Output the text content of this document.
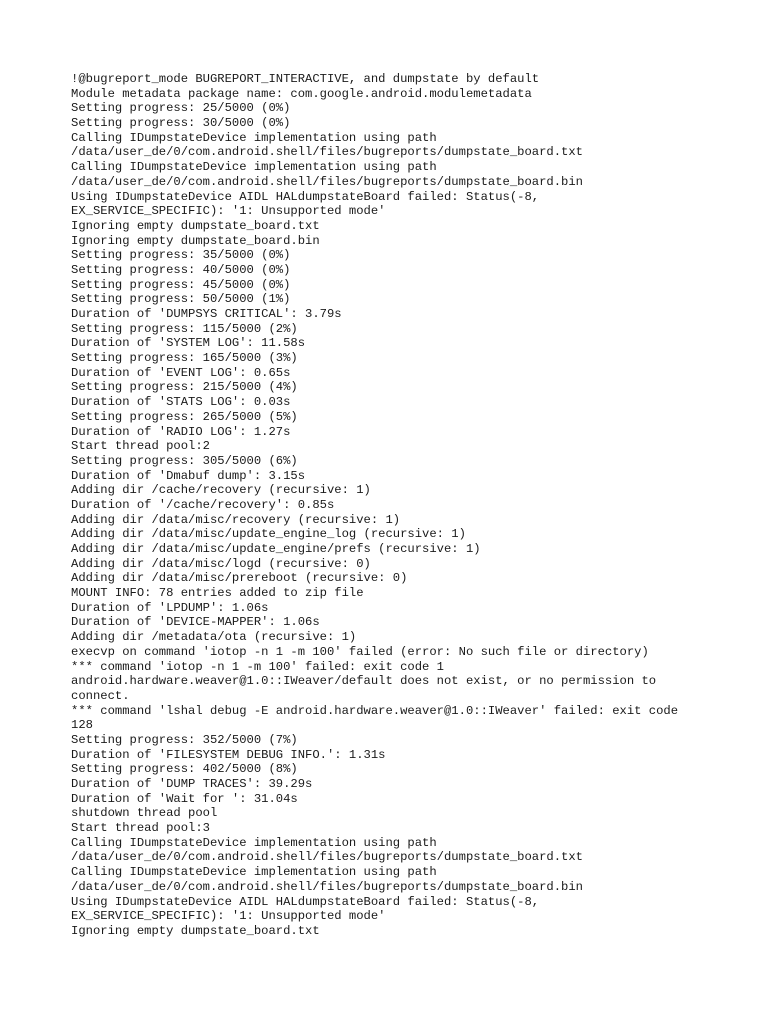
!@bugreport_mode BUGREPORT_INTERACTIVE, and dumpstate by default
Module metadata package name: com.google.android.modulemetadata
Setting progress: 25/5000 (0%)
Setting progress: 30/5000 (0%)
Calling IDumpstateDevice implementation using path
/data/user_de/0/com.android.shell/files/bugreports/dumpstate_board.txt
Calling IDumpstateDevice implementation using path
/data/user_de/0/com.android.shell/files/bugreports/dumpstate_board.bin
Using IDumpstateDevice AIDL HALdumpstateBoard failed: Status(-8,
EX_SERVICE_SPECIFIC): '1: Unsupported mode'
Ignoring empty dumpstate_board.txt
Ignoring empty dumpstate_board.bin
Setting progress: 35/5000 (0%)
Setting progress: 40/5000 (0%)
Setting progress: 45/5000 (0%)
Setting progress: 50/5000 (1%)
Duration of 'DUMPSYS CRITICAL': 3.79s
Setting progress: 115/5000 (2%)
Duration of 'SYSTEM LOG': 11.58s
Setting progress: 165/5000 (3%)
Duration of 'EVENT LOG': 0.65s
Setting progress: 215/5000 (4%)
Duration of 'STATS LOG': 0.03s
Setting progress: 265/5000 (5%)
Duration of 'RADIO LOG': 1.27s
Start thread pool:2
Setting progress: 305/5000 (6%)
Duration of 'Dmabuf dump': 3.15s
Adding dir /cache/recovery (recursive: 1)
Duration of '/cache/recovery': 0.85s
Adding dir /data/misc/recovery (recursive: 1)
Adding dir /data/misc/update_engine_log (recursive: 1)
Adding dir /data/misc/update_engine/prefs (recursive: 1)
Adding dir /data/misc/logd (recursive: 0)
Adding dir /data/misc/prereboot (recursive: 0)
MOUNT INFO: 78 entries added to zip file
Duration of 'LPDUMP': 1.06s
Duration of 'DEVICE-MAPPER': 1.06s
Adding dir /metadata/ota (recursive: 1)
execvp on command 'iotop -n 1 -m 100' failed (error: No such file or directory)
*** command 'iotop -n 1 -m 100' failed: exit code 1
android.hardware.weaver@1.0::IWeaver/default does not exist, or no permission to
connect.
*** command 'lshal debug -E android.hardware.weaver@1.0::IWeaver' failed: exit code
128
Setting progress: 352/5000 (7%)
Duration of 'FILESYSTEM DEBUG INFO.': 1.31s
Setting progress: 402/5000 (8%)
Duration of 'DUMP TRACES': 39.29s
Duration of 'Wait for ': 31.04s
shutdown thread pool
Start thread pool:3
Calling IDumpstateDevice implementation using path
/data/user_de/0/com.android.shell/files/bugreports/dumpstate_board.txt
Calling IDumpstateDevice implementation using path
/data/user_de/0/com.android.shell/files/bugreports/dumpstate_board.bin
Using IDumpstateDevice AIDL HALdumpstateBoard failed: Status(-8,
EX_SERVICE_SPECIFIC): '1: Unsupported mode'
Ignoring empty dumpstate_board.txt
